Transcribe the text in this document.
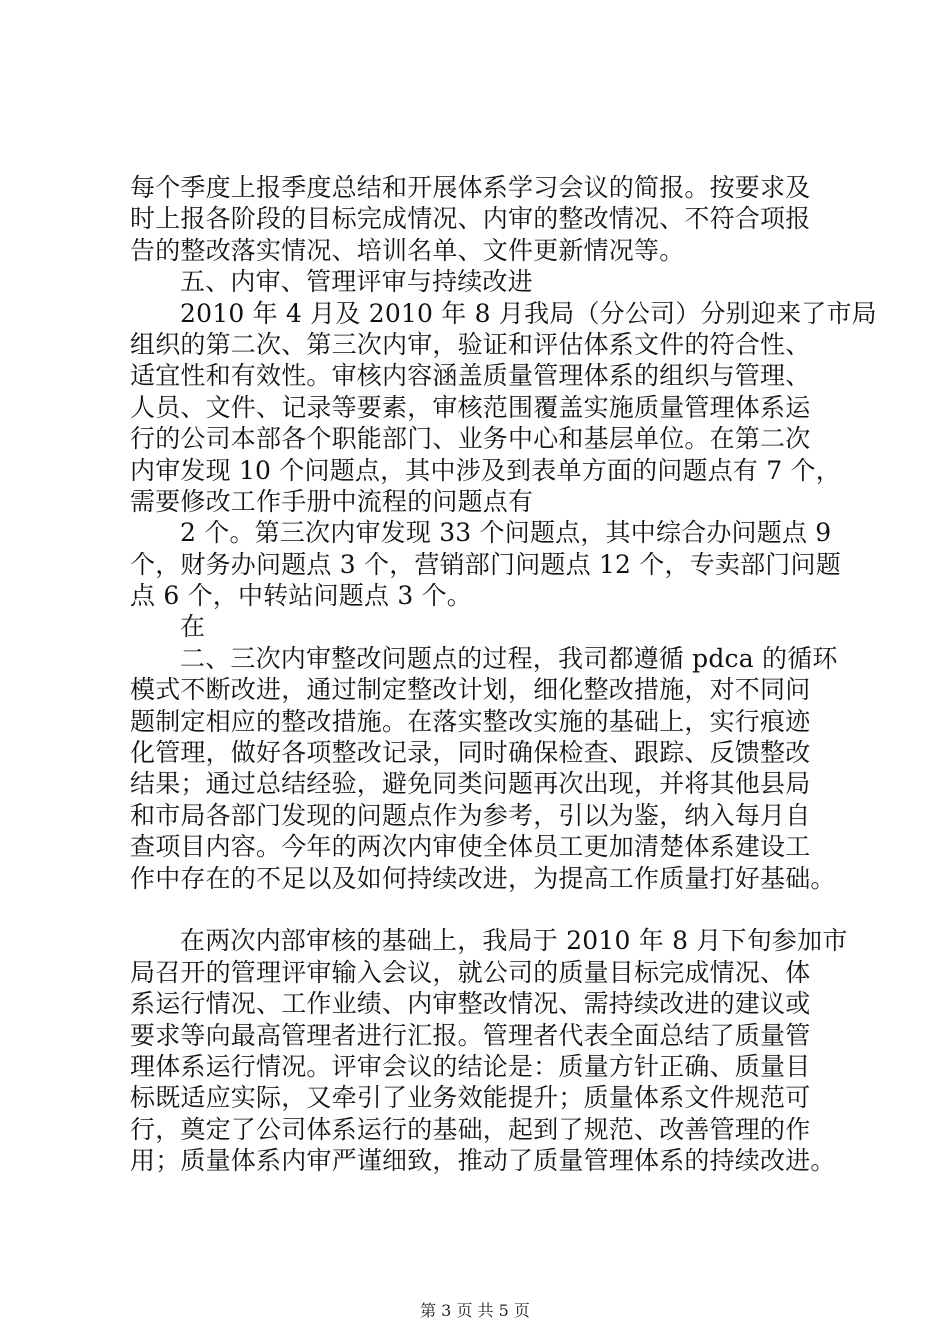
每个季度上报季度总结和开展体系学习会议的简报。按要求及
时上报各阶段的目标完成情况、内审的整改情况、不符合项报
告的整改落实情况、培训名单、文件更新情况等。
五、内审、管理评审与持续改进
2010 年 4 月及 2010 年 8 月我局（分公司）分别迎来了市局
组织的第二次、第三次内审，验证和评估体系文件的符合性、
适宜性和有效性。审核内容涵盖质量管理体系的组织与管理、
人员、文件、记录等要素，审核范围覆盖实施质量管理体系运
行的公司本部各个职能部门、业务中心和基层单位。在第二次
内审发现 10 个问题点，其中涉及到表单方面的问题点有 7 个，
需要修改工作手册中流程的问题点有
2 个。第三次内审发现 33 个问题点，其中综合办问题点 9
个，财务办问题点 3 个，营销部门问题点 12 个，专卖部门问题
点 6 个，中转站问题点 3 个。
在
二、三次内审整改问题点的过程，我司都遵循 pdca 的循环
模式不断改进，通过制定整改计划，细化整改措施，对不同问
题制定相应的整改措施。在落实整改实施的基础上，实行痕迹
化管理，做好各项整改记录，同时确保检查、跟踪、反馈整改
结果；通过总结经验，避免同类问题再次出现，并将其他县局
和市局各部门发现的问题点作为参考，引以为鉴，纳入每月自
查项目内容。今年的两次内审使全体员工更加清楚体系建设工
作中存在的不足以及如何持续改进，为提高工作质量打好基础。
在两次内部审核的基础上，我局于 2010 年 8 月下旬参加市
局召开的管理评审输入会议，就公司的质量目标完成情况、体
系运行情况、工作业绩、内审整改情况、需持续改进的建议或
要求等向最高管理者进行汇报。管理者代表全面总结了质量管
理体系运行情况。评审会议的结论是：质量方针正确、质量目
标既适应实际，又牵引了业务效能提升；质量体系文件规范可
行，奠定了公司体系运行的基础，起到了规范、改善管理的作
用；质量体系内审严谨细致，推动了质量管理体系的持续改进。
第 3 页 共 5 页
